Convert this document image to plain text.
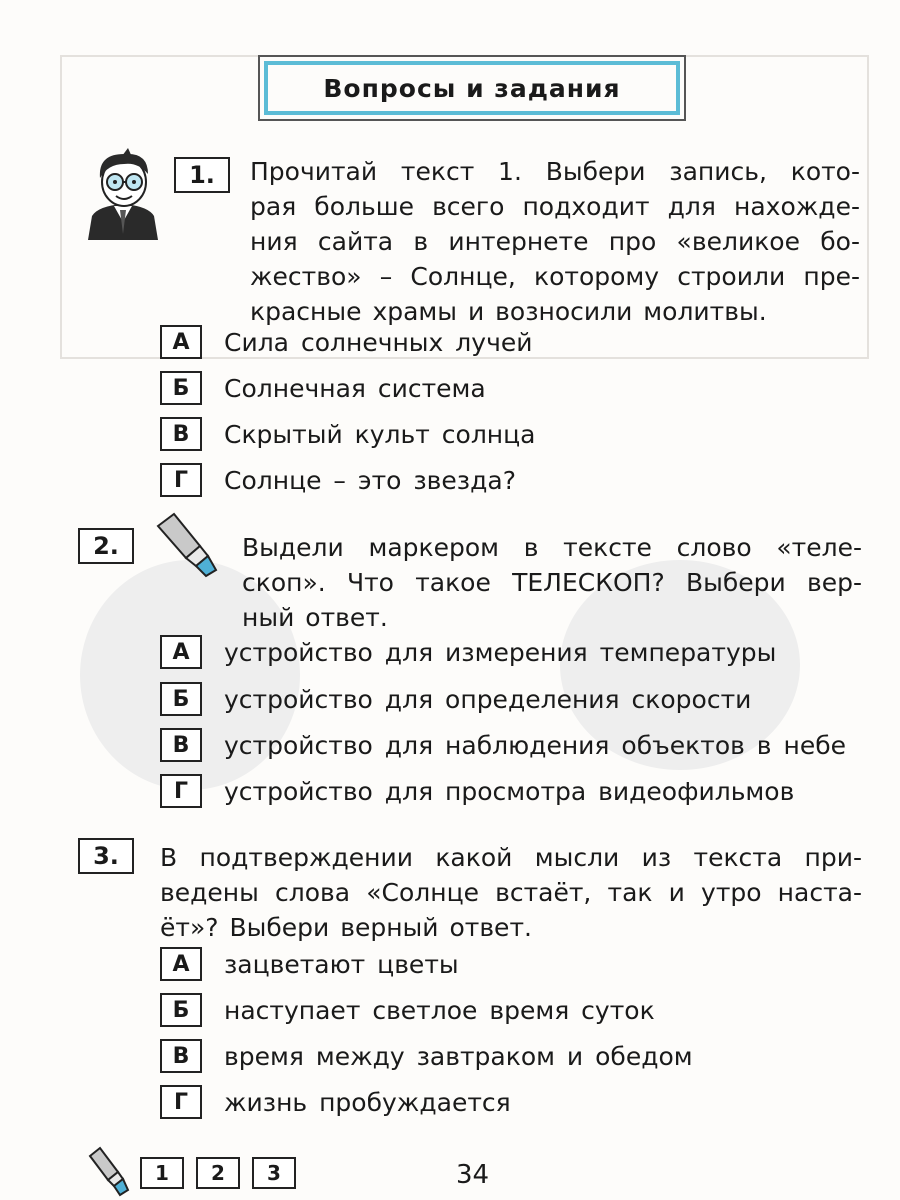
Вопросы и задания
1. Прочитай текст 1. Выбери запись, кото-
рая больше всего подходит для нахожде-
ния сайта в интернете про «великое бо-
жество» – Солнце, которому строили пре-
красные храмы и возносили молитвы.
А	Сила солнечных лучей
Б	Солнечная система
В	Скрытый культ солнца
Г	Солнце – это звезда?
2.	Выдели маркером в тексте слово «теле-
скоп». Что такое ТЕЛЕСКОП? Выбери вер-
ный ответ.
А	устройство для измерения температуры
Б	устройство для определения скорости
В	устройство для наблюдения объектов в небе
Г	устройство для просмотра видеофильмов
3. В подтверждении какой мысли из текста при-
ведены слова «Солнце встаёт, так и утро наста-
ёт»? Выбери верный ответ.
А	зацветают цветы
Б	наступает светлое время суток
В	время между завтраком и обедом
Г	жизнь пробуждается
1 2 3	34
